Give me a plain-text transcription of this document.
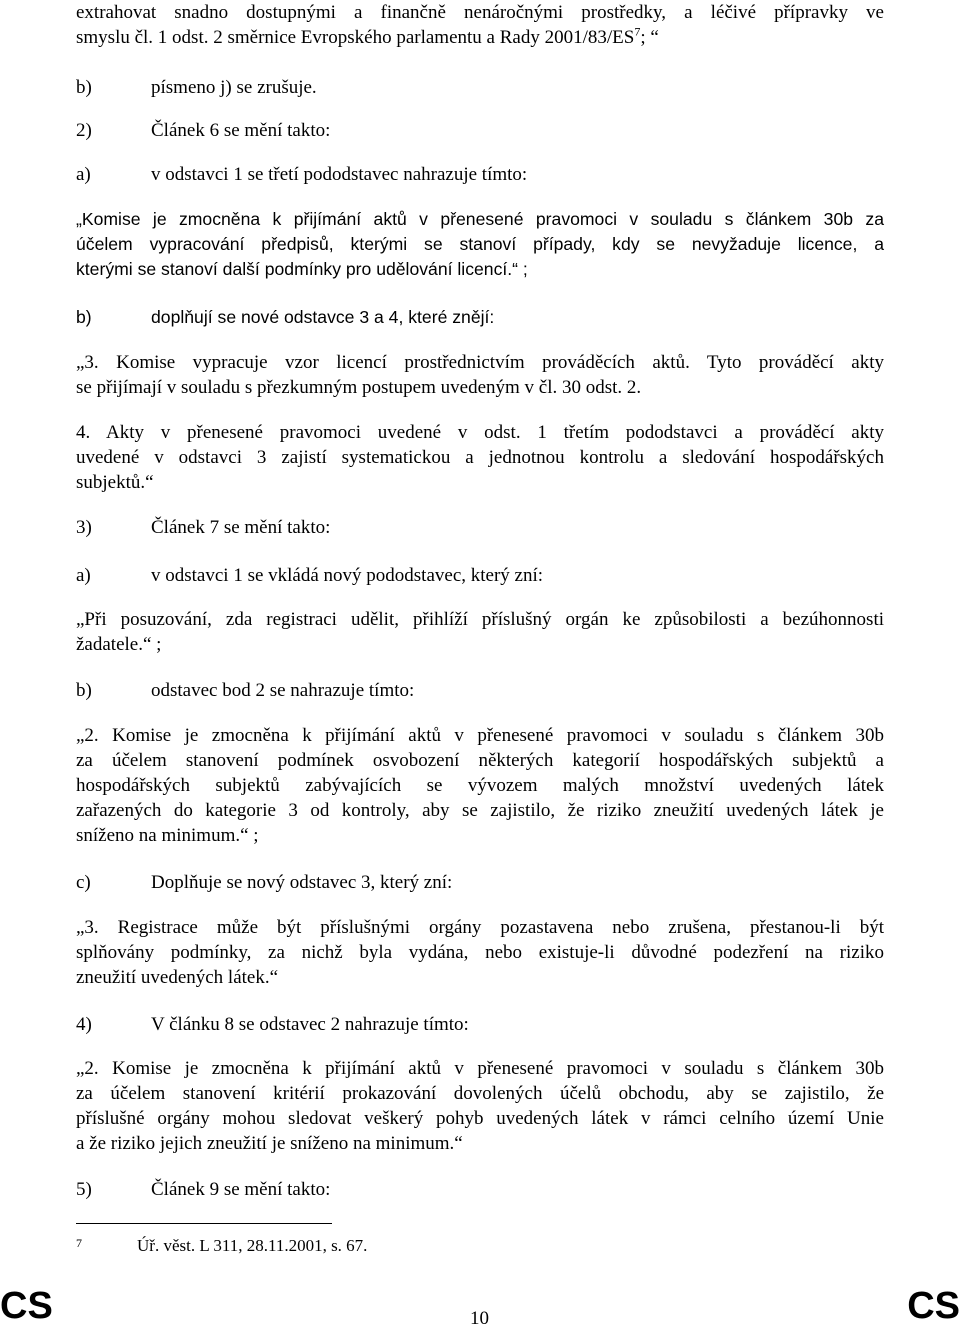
extrahovat snadno dostupnými a finančně nenáročnými prostředky, a léčivé přípravky ve

smyslu čl. 1 odst. 2 směrnice Evropského parlamentu a Rady $2001/83/ES^7$; “

b)	písmeno j) se zrušuje.
2)	Článek 6 se mění takto:
a)	v odstavci 1 se třetí pododstavec nahrazuje tímto:

„Komise je zmocněna k přijímání aktů v přenesené pravomoci v souladu s článkem 30b za

účelem vypracování předpisů, kterými se stanoví případy, kdy se nevyžaduje licence, a

kterými se stanoví další podmínky pro udělování licencí.“ ;

b)	doplňují se nové odstavce 3 a 4, které znějí:

„3. Komise vypracuje vzor licencí prostřednictvím prováděcích aktů. Tyto prováděcí akty

se přijímají v souladu s přezkumným postupem uvedeným v čl. 30 odst. 2.

4. Akty v přenesené pravomoci uvedené v odst. 1 třetím pododstavci a prováděcí akty

uvedené v odstavci 3 zajistí systematickou a jednotnou kontrolu a sledování hospodářských

subjektů.“

3)	Článek 7 se mění takto:
a)	v odstavci 1 se vkládá nový pododstavec, který zní:

„Při posuzování, zda registraci udělit, přihlíží příslušný orgán ke způsobilosti a bezúhonnosti

žadatele.“ ;

b)	odstavec bod 2 se nahrazuje tímto:

„2. Komise je zmocněna k přijímání aktů v přenesené pravomoci v souladu s článkem 30b

za účelem stanovení podmínek osvobození některých kategorií hospodářských subjektů a

hospodářských subjektů zabývajících se vývozem malých množství uvedených látek

zařazených do kategorie 3 od kontroly, aby se zajistilo, že riziko zneužití uvedených látek je

sníženo na minimum.“ ;

c)	Doplňuje se nový odstavec 3, který zní:

„3. Registrace může být příslušnými orgány pozastavena nebo zrušena, přestanou-li být

splňovány podmínky, za nichž byla vydána, nebo existuje-li důvodné podezření na riziko

zneužití uvedených látek.“

4)	V článku 8 se odstavec 2 nahrazuje tímto:

„2. Komise je zmocněna k přijímání aktů v přenesené pravomoci v souladu s článkem 30b

za účelem stanovení kritérií prokazování dovolených účelů obchodu, aby se zajistilo, že

příslušné orgány mohou sledovat veškerý pohyb uvedených látek v rámci celního území Unie

a že riziko jejich zneužití je sníženo na minimum.“

5)	Článek 9 se mění takto:
7	Úř. věst. L 311, 28.11.2001, s. 67.
CS	10	CS
